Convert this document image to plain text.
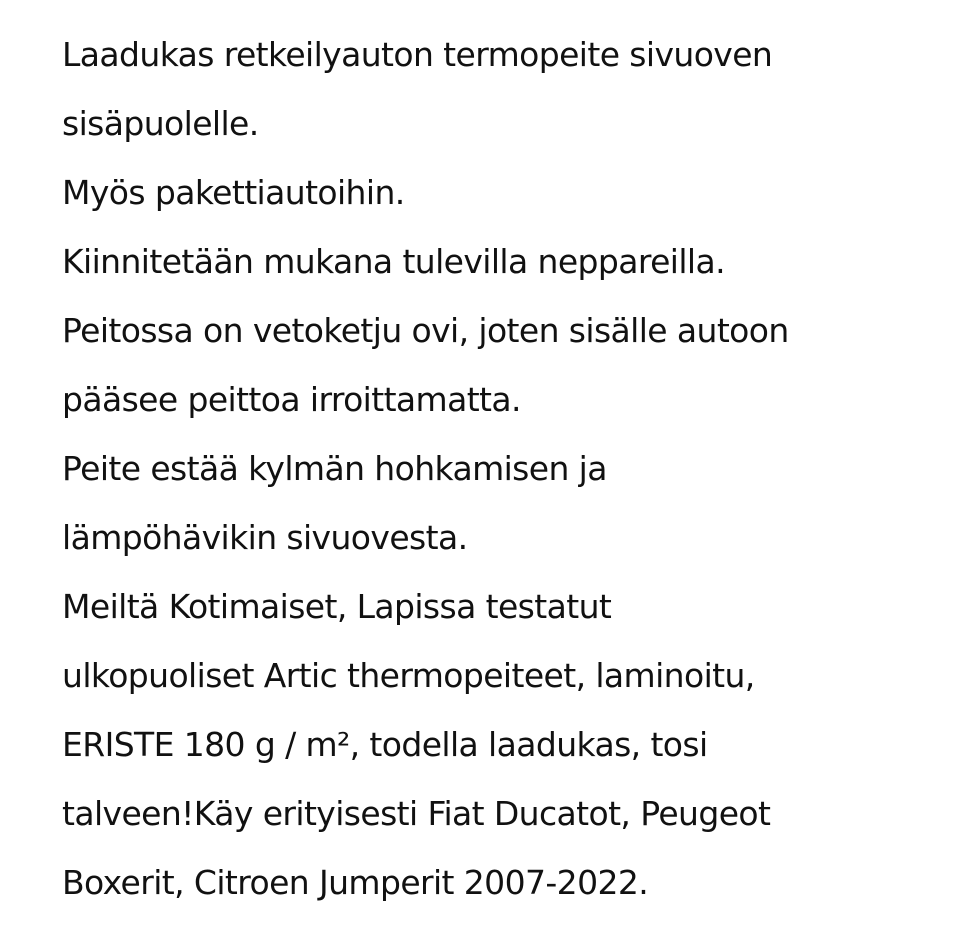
Laadukas retkeilyauton termopeite sivuoven
sisäpuolelle.
Myös pakettiautoihin.
Kiinnitetään mukana tulevilla neppareilla.
Peitossa on vetoketju ovi, joten sisälle autoon
pääsee peittoa irroittamatta.
Peite estää kylmän hohkamisen ja
lämpöhävikin sivuovesta.
Meiltä Kotimaiset, Lapissa testatut
ulkopuoliset Artic thermopeiteet, laminoitu,
ERISTE 180 g / m², todella laadukas, tosi
talveen!Käy erityisesti Fiat Ducatot, Peugeot
Boxerit, Citroen Jumperit 2007-2022.
